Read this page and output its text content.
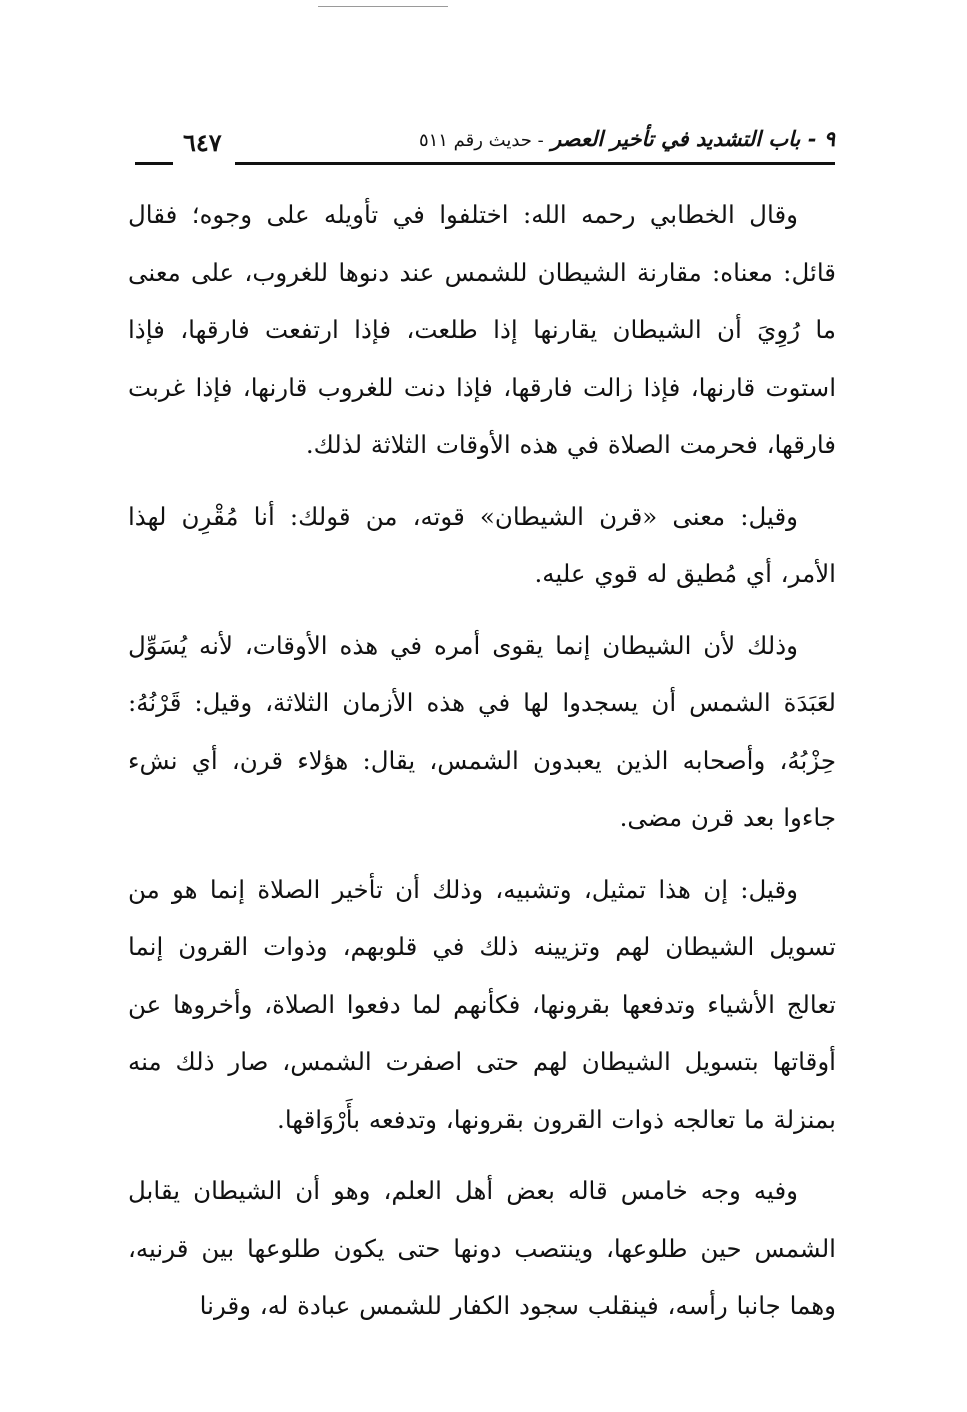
٩ - باب التشديد في تأخير العصر - حديث رقم ٥١١
٦٤٧

وقال الخطابي رحمه الله: اختلفوا في تأويله على وجوه؛ فقال قائل: معناه: مقارنة الشيطان للشمس عند دنوها للغروب، على معنى ما رُوِيَ أن الشيطان يقارنها إذا طلعت، فإذا ارتفعت فارقها، فإذا استوت قارنها، فإذا زالت فارقها، فإذا دنت للغروب قارنها، فإذا غربت فارقها، فحرمت الصلاة في هذه الأوقات الثلاثة لذلك.

وقيل: معنى «قرن الشيطان» قوته، من قولك: أنا مُقْرِن لهذا الأمر، أي مُطيق له قوي عليه.

وذلك لأن الشيطان إنما يقوى أمره في هذه الأوقات، لأنه يُسَوِّل لعَبَدَة الشمس أن يسجدوا لها في هذه الأزمان الثلاثة، وقيل: قَرْنُهُ: حِزْبُهُ، وأصحابه الذين يعبدون الشمس، يقال: هؤلاء قرن، أي نشء جاءوا بعد قرن مضى.

وقيل: إن هذا تمثيل، وتشبيه، وذلك أن تأخير الصلاة إنما هو من تسويل الشيطان لهم وتزيينه ذلك في قلوبهم، وذوات القرون إنما تعالج الأشياء وتدفعها بقرونها، فكأنهم لما دفعوا الصلاة، وأخروها عن أوقاتها بتسويل الشيطان لهم حتى اصفرت الشمس، صار ذلك منه بمنزلة ما تعالجه ذوات القرون بقرونها، وتدفعه بأَرْوَاقها.

وفيه وجه خامس قاله بعض أهل العلم، وهو أن الشيطان يقابل الشمس حين طلوعها، وينتصب دونها حتى يكون طلوعها بين قرنيه، وهما جانبا رأسه، فينقلب سجود الكفار للشمس عبادة له، وقرنا
